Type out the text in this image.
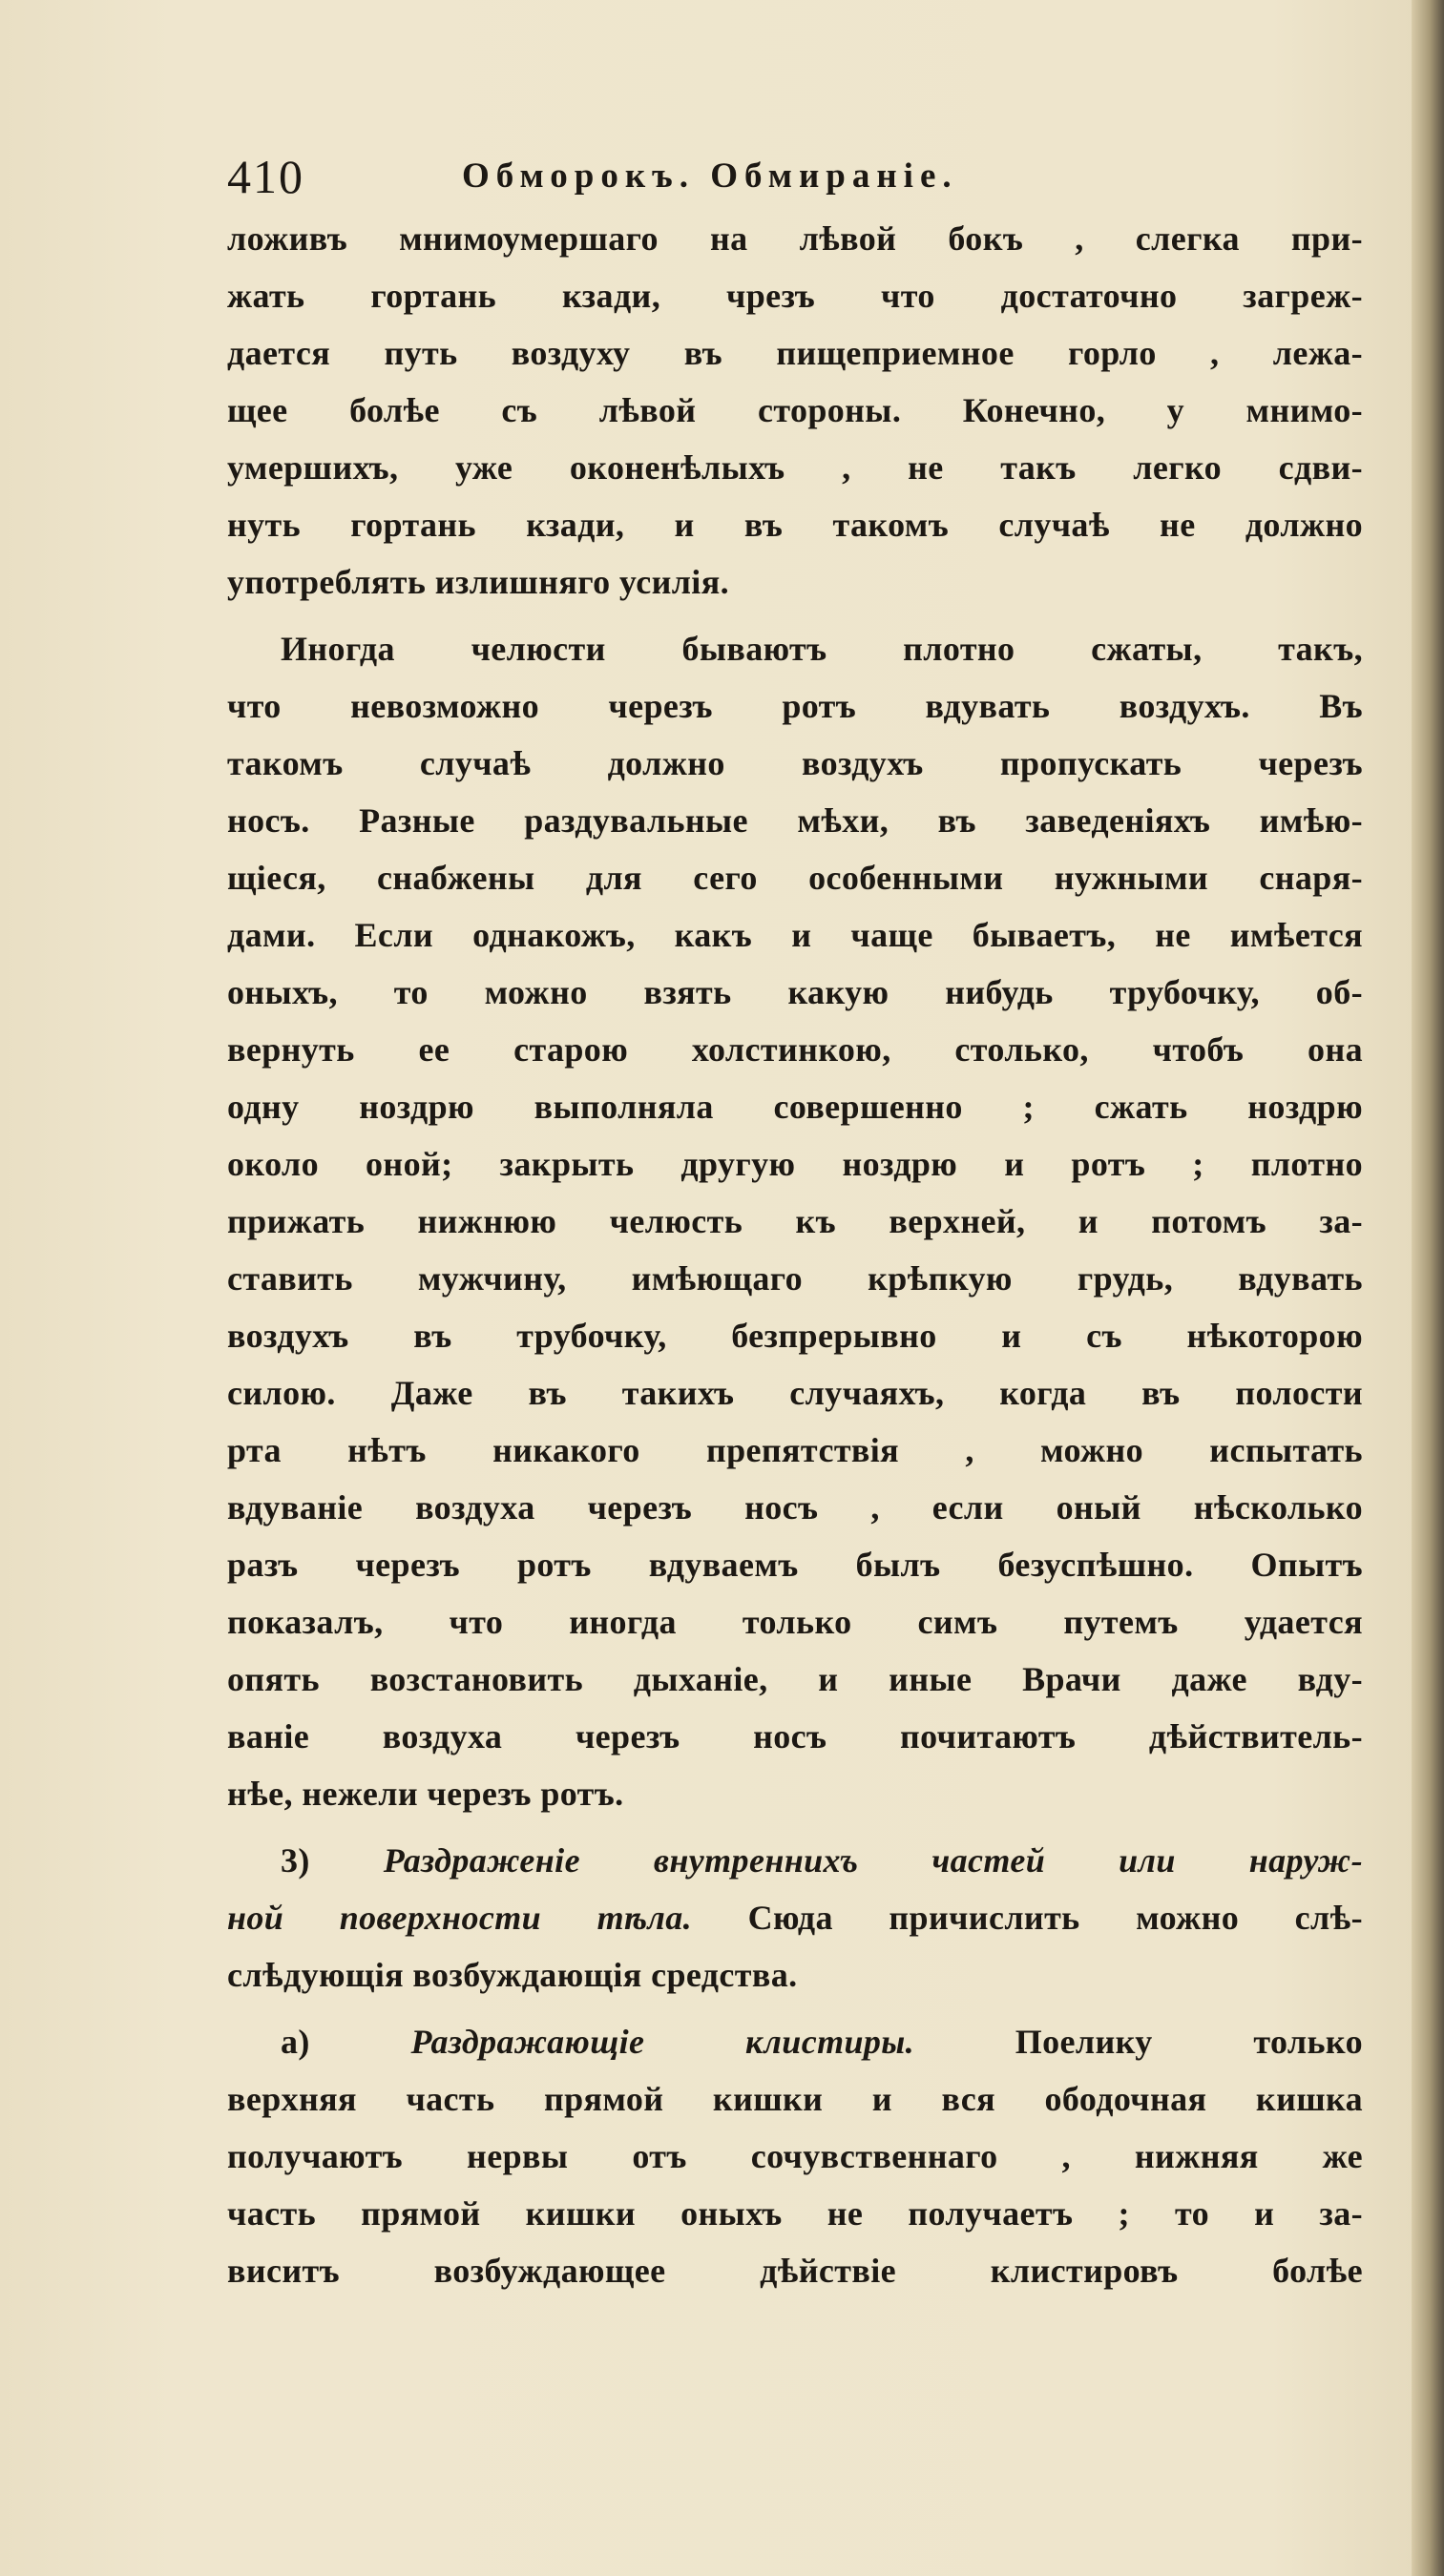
410	Обморокъ. Обмираніе.
ложивъ мнимоумершаго на лѣвой бокъ , слегка при-
жать гортань кзади, чрезъ что достаточно загреж-
дается путь воздуху въ пищеприемное горло , лежа-
щее болѣе съ лѣвой стороны. Конечно, у мнимо-
умершихъ, уже оконенѣлыхъ , не такъ легко сдви-
нуть гортань кзади, и въ такомъ случаѣ не должно
употреблять излишняго усилія.
Иногда челюсти бываютъ плотно сжаты, такъ,
что невозможно черезъ ротъ вдувать воздухъ. Въ
такомъ случаѣ должно воздухъ пропускать черезъ
носъ. Разные раздувальные мѣхи, въ заведеніяхъ имѣю-
щіеся, снабжены для сего особенными нужными снаря-
дами. Если однакожъ, какъ и чаще бываетъ, не имѣется
оныхъ, то можно взять какую нибудь трубочку, об-
вернуть ее старою холстинкою, столько, чтобъ она
одну ноздрю выполняла совершенно ; сжать ноздрю
около оной; закрыть другую ноздрю и ротъ ; плотно
прижать нижнюю челюсть къ верхней, и потомъ за-
ставить мужчину, имѣющаго крѣпкую грудь, вдувать
воздухъ въ трубочку, безпрерывно и съ нѣкоторою
силою. Даже въ такихъ случаяхъ, когда въ полости
рта нѣтъ никакого препятствія , можно испытать
вдуваніе воздуха черезъ носъ , если оный нѣсколько
разъ черезъ ротъ вдуваемъ былъ безуспѣшно. Опытъ
показалъ, что иногда только симъ путемъ удается
опять возстановить дыханіе, и иные Врачи даже вду-
ваніе воздуха черезъ носъ почитаютъ дѣйствитель-
нѣе, нежели черезъ ротъ.
3) Раздраженіе внутреннихъ частей или наруж-
ной поверхности тѣла. Сюда причислить можно слѣ-
слѣдующія возбуждающія средства.
a)	Раздражающіе клистиры.	Поелику только
верхняя часть прямой кишки и вся ободочная кишка
получаютъ нервы отъ сочувственнаго , нижняя же
часть прямой кишки оныхъ не получаетъ ; то и за-
виситъ возбуждающее дѣйствіе клистировъ болѣе
